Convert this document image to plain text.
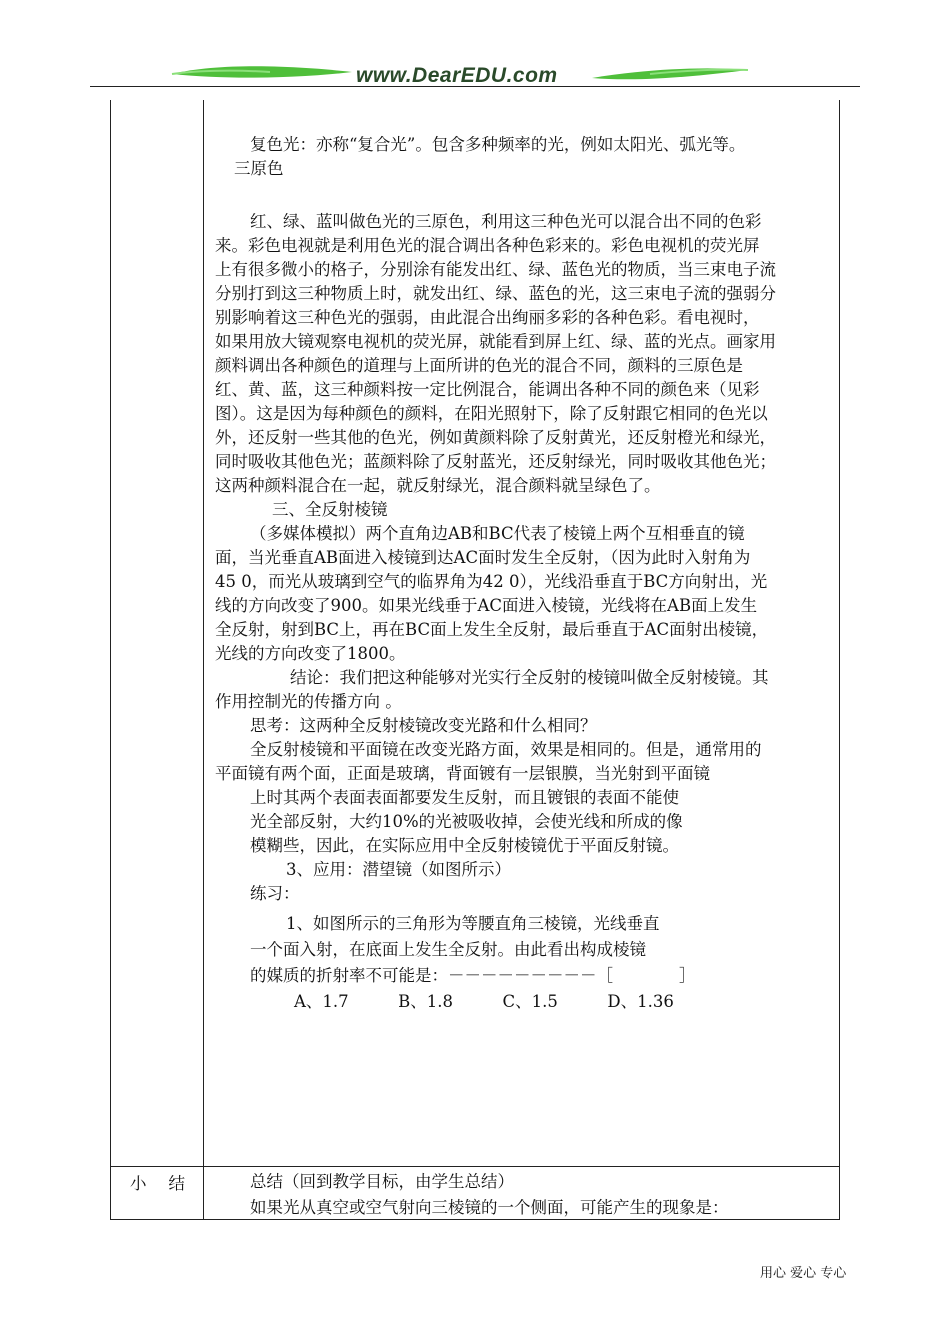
www.DearEDU.com
复色光：亦称“复合光”。包含多种频率的光，例如太阳光、弧光等。
三原色
红、绿、蓝叫做色光的三原色，利用这三种色光可以混合出不同的色彩
来。彩色电视就是利用色光的混合调出各种色彩来的。彩色电视机的荧光屏
上有很多微小的格子，分别涂有能发出红、绿、蓝色光的物质，当三束电子流
分别打到这三种物质上时，就发出红、绿、蓝色的光，这三束电子流的强弱分
别影响着这三种色光的强弱，由此混合出绚丽多彩的各种色彩。看电视时，
如果用放大镜观察电视机的荧光屏，就能看到屏上红、绿、蓝的光点。画家用
颜料调出各种颜色的道理与上面所讲的色光的混合不同，颜料的三原色是
红、黄、蓝，这三种颜料按一定比例混合，能调出各种不同的颜色来（见彩
图）。这是因为每种颜色的颜料，在阳光照射下，除了反射跟它相同的色光以
外，还反射一些其他的色光，例如黄颜料除了反射黄光，还反射橙光和绿光，
同时吸收其他色光；蓝颜料除了反射蓝光，还反射绿光，同时吸收其他色光；
这两种颜料混合在一起，就反射绿光，混合颜料就呈绿色了。
三、全反射棱镜
（多媒体模拟）两个直角边AB和BC代表了棱镜上两个互相垂直的镜
面，当光垂直AB面进入棱镜到达AC面时发生全反射，（因为此时入射角为
45 0，而光从玻璃到空气的临界角为42 0），光线沿垂直于BC方向射出，光
线的方向改变了900。如果光线垂于AC面进入棱镜，光线将在AB面上发生
全反射，射到BC上，再在BC面上发生全反射，最后垂直于AC面射出棱镜，
光线的方向改变了1800。
结论：我们把这种能够对光实行全反射的棱镜叫做全反射棱镜。其
作用控制光的传播方向 。
思考：这两种全反射棱镜改变光路和什么相同？
全反射棱镜和平面镜在改变光路方面，效果是相同的。但是，通常用的
平面镜有两个面，正面是玻璃，背面镀有一层银膜，当光射到平面镜
上时其两个表面表面都要发生反射，而且镀银的表面不能使
光全部反射，大约10%的光被吸收掉，会使光线和所成的像
模糊些，因此，在实际应用中全反射棱镜优于平面反射镜。
3、应用：潜望镜（如图所示）
练习：
1、如图所示的三角形为等腰直角三棱镜，光线垂直
一个面入射，在底面上发生全反射。由此看出构成棱镜
的媒质的折射率不可能是：－－－－－－－－－［　　　　］
A、1.7　　　B、1.8　　　C、1.5　　　D、1.36
总结（回到教学目标，由学生总结）
如果光从真空或空气射向三棱镜的一个侧面，可能产生的现象是：
小结
用心 爱心 专心
